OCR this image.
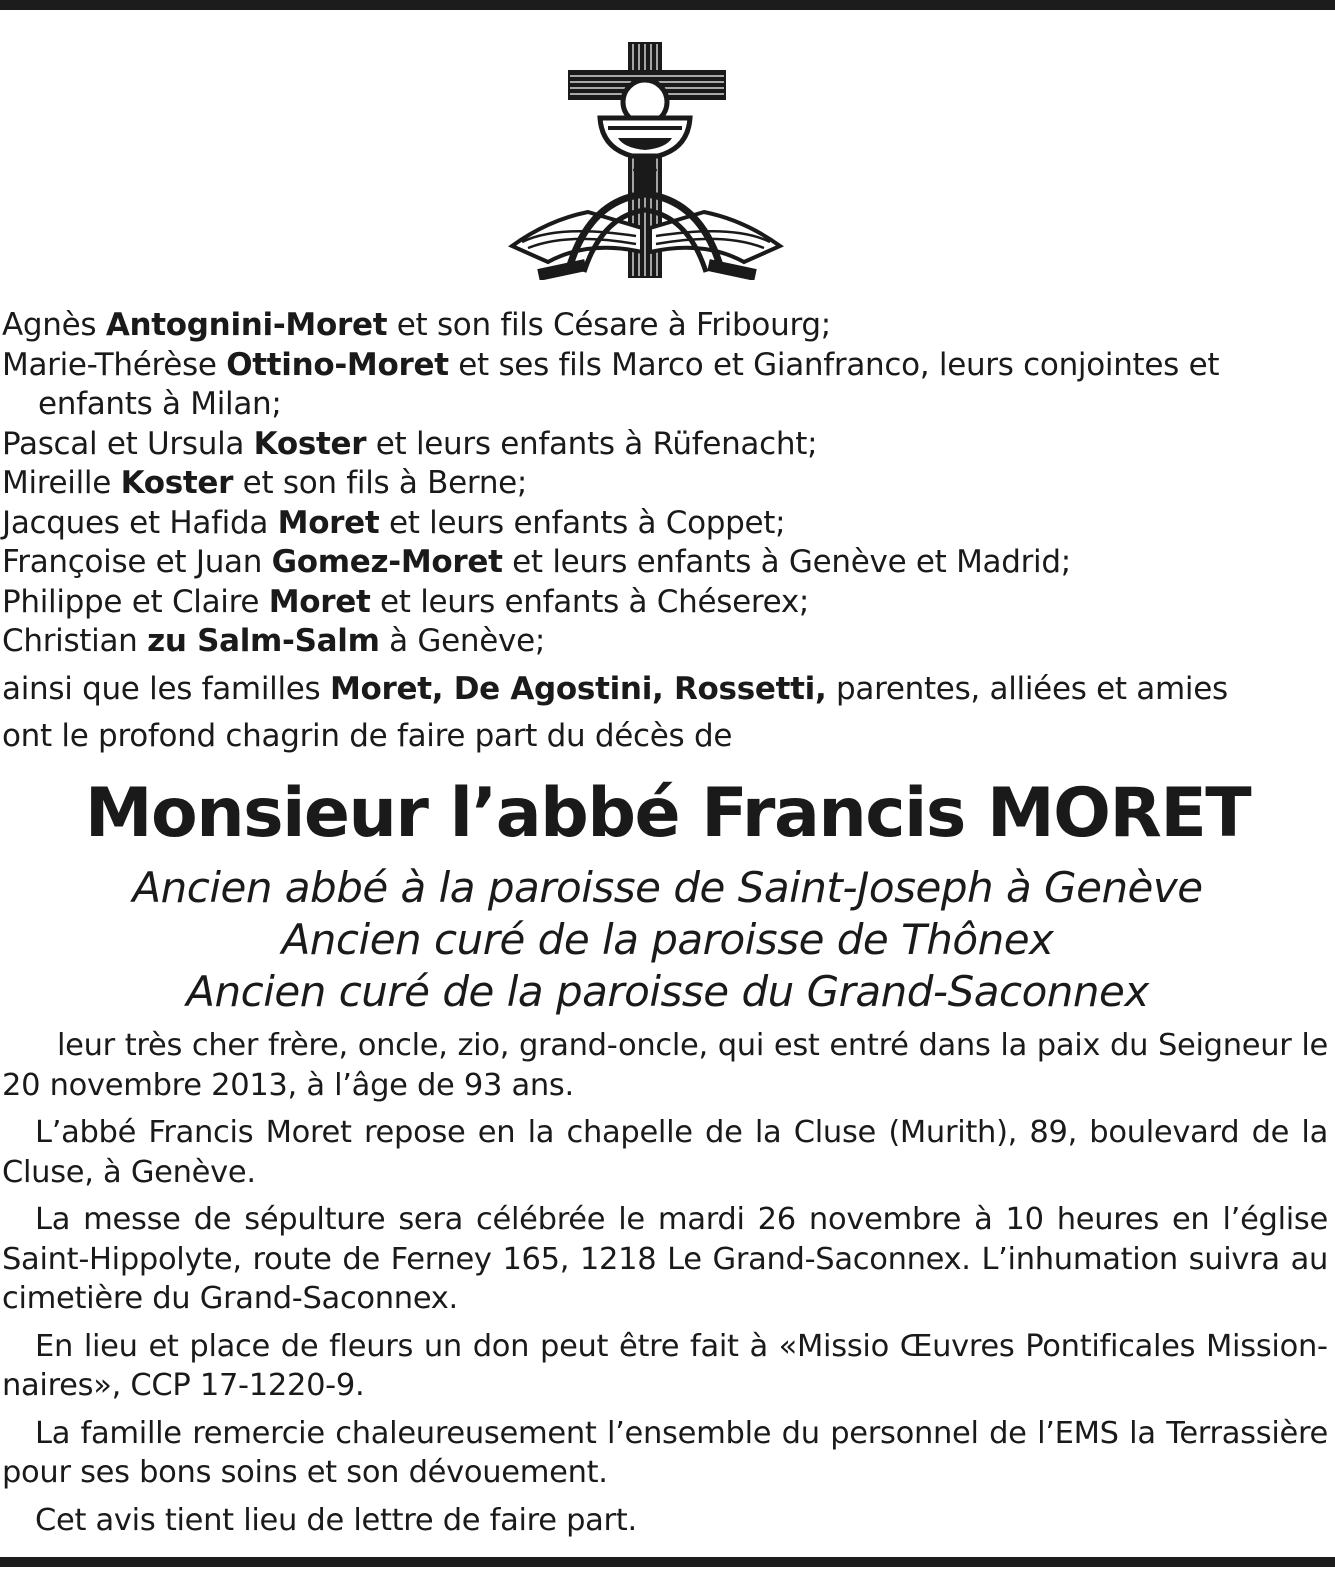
Agnès Antognini-Moret et son fils Césare à Fribourg;
Marie-Thérèse Ottino-Moret et ses fils Marco et Gianfranco, leurs conjointes et enfants à Milan;
Pascal et Ursula Koster et leurs enfants à Rüfenacht;
Mireille Koster et son fils à Berne;
Jacques et Hafida Moret et leurs enfants à Coppet;
Françoise et Juan Gomez-Moret et leurs enfants à Genève et Madrid;
Philippe et Claire Moret et leurs enfants à Chéserex;
Christian zu Salm-Salm à Genève;
ainsi que les familles Moret, De Agostini, Rossetti, parentes, alliées et amies
ont le profond chagrin de faire part du décès de
Monsieur l’abbé Francis MORET
Ancien abbé à la paroisse de Saint-Joseph à Genève
Ancien curé de la paroisse de Thônex
Ancien curé de la paroisse du Grand-Saconnex

leur très cher frère, oncle, zio, grand-oncle, qui est entré dans la paix du Seigneur le 20 novembre 2013, à l’âge de 93 ans.

L’abbé Francis Moret repose en la chapelle de la Cluse (Murith), 89, boulevard de la Cluse, à Genève.

La messe de sépulture sera célébrée le mardi 26 novembre à 10 heures en l’église Saint-Hippolyte, route de Ferney 165, 1218 Le Grand-Saconnex. L’inhumation suivra au cimetière du Grand-Saconnex.

En lieu et place de fleurs un don peut être fait à «Missio Œuvres Pontificales Missionnaires», CCP 17-1220-9.

La famille remercie chaleureusement l’ensemble du personnel de l’EMS la Terrassière pour ses bons soins et son dévouement.

Cet avis tient lieu de lettre de faire part.
